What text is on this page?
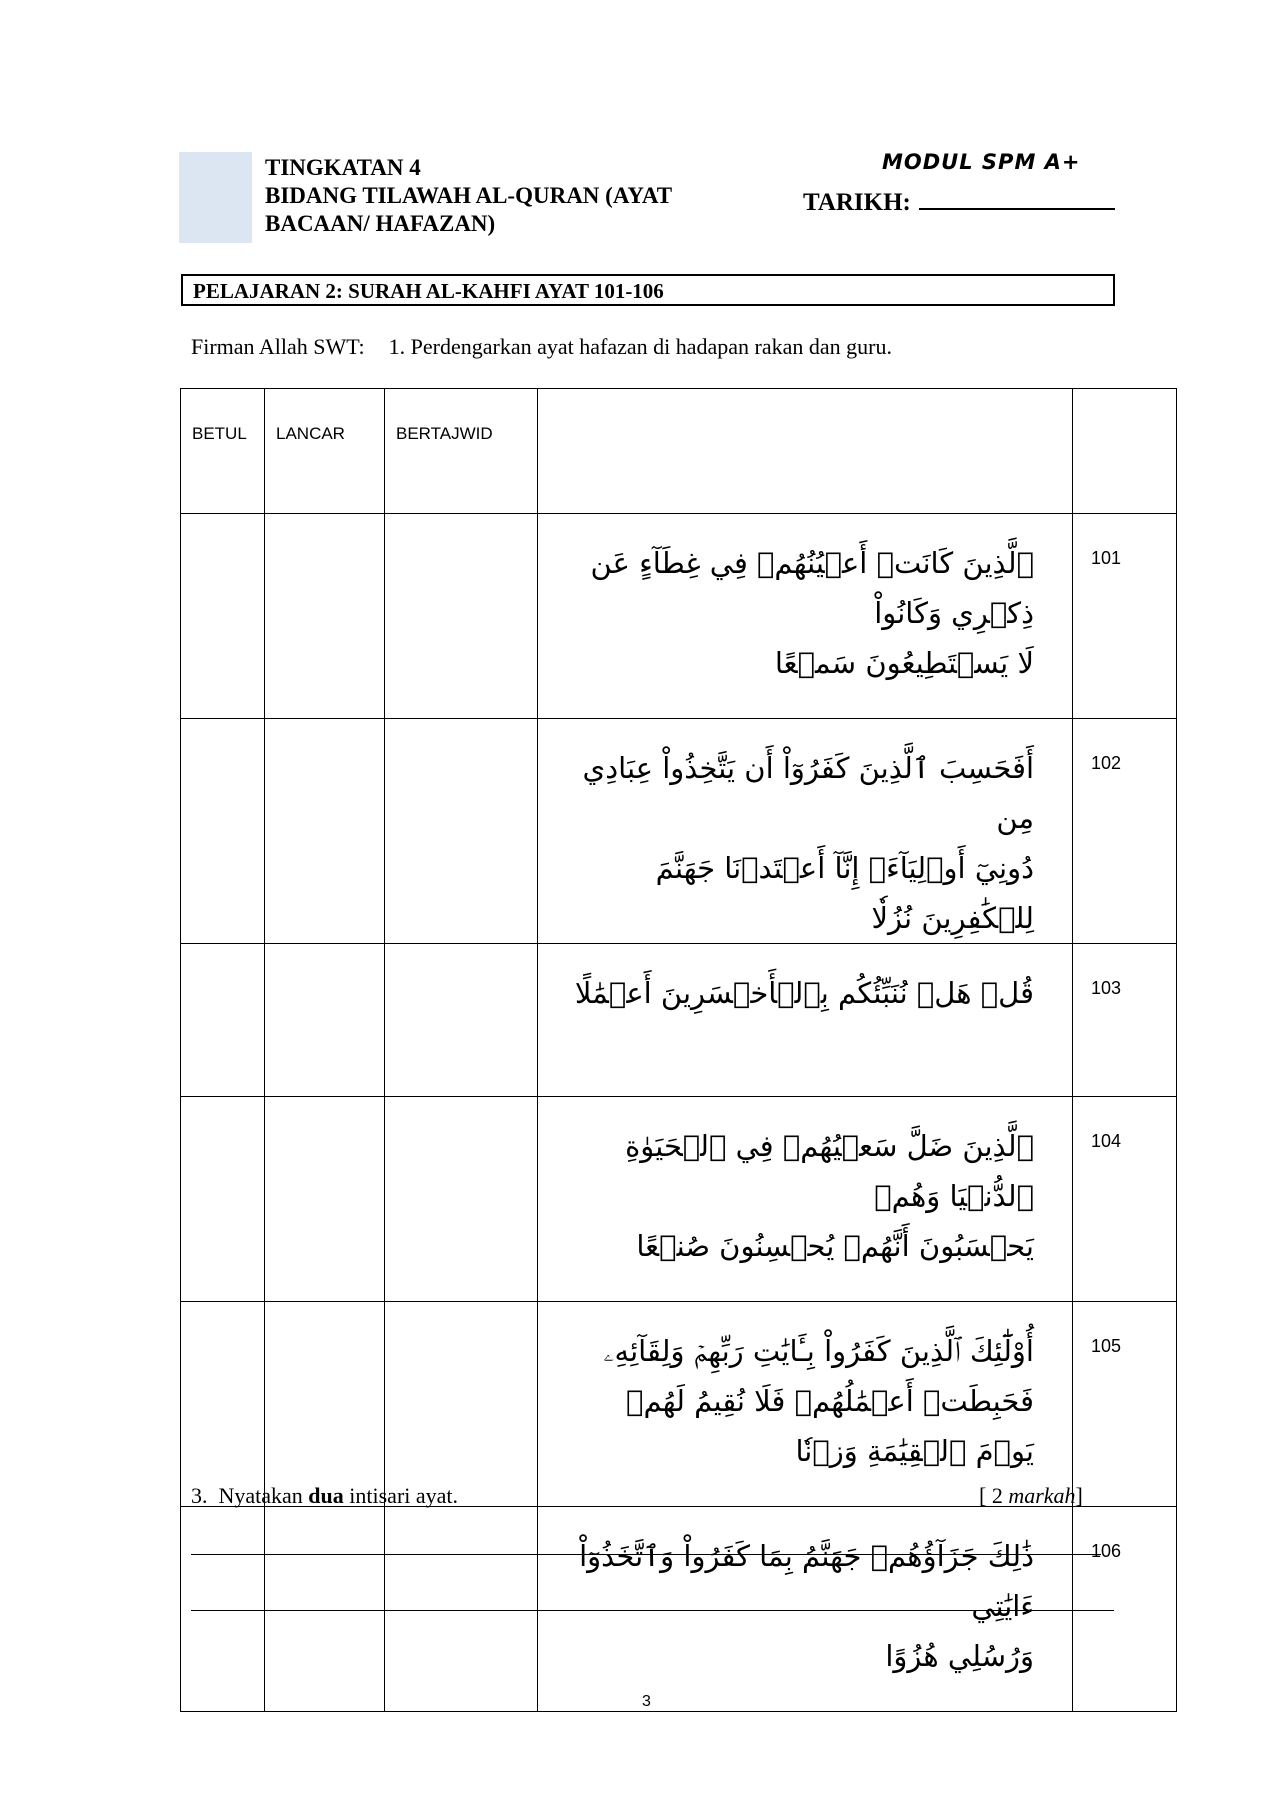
TINGKATAN 4
BIDANG TILAWAH AL-QURAN (AYAT
BACAAN/ HAFAZAN)
MODUL SPM A+
TARIKH:
PELAJARAN 2: SURAH AL-KAHFI AYAT 101-106
Firman Allah SWT: 1. Perdengarkan ayat hafazan di hadapan rakan dan guru.
BETUL	LANCAR	BERTAJWID		

			ٱلَّذِينَ كَانَتۡ أَعۡيُنُهُمۡ فِي غِطَآءٍ عَن ذِكۡرِي وَكَانُواْ
لَا يَسۡتَطِيعُونَ سَمۡعًا	101

			أَفَحَسِبَ ٱلَّذِينَ كَفَرُوٓاْ أَن يَتَّخِذُواْ عِبَادِي مِن
دُونِيٓ أَوۡلِيَآءَۚ إِنَّآ أَعۡتَدۡنَا جَهَنَّمَ لِلۡكَٰفِرِينَ نُزُلٗا	102

			قُلۡ هَلۡ نُنَبِّئُكُم بِٱلۡأَخۡسَرِينَ أَعۡمَٰلًا	103

			ٱلَّذِينَ ضَلَّ سَعۡيُهُمۡ فِي ٱلۡحَيَوٰةِ ٱلدُّنۡيَا وَهُمۡ
يَحۡسَبُونَ أَنَّهُمۡ يُحۡسِنُونَ صُنۡعًا	104

			أُوْلَٰٓئِكَ ٱلَّذِينَ كَفَرُواْ بِـَٔايَٰتِ رَبِّهِمۡ وَلِقَآئِهِۦ
فَحَبِطَتۡ أَعۡمَٰلُهُمۡ فَلَا نُقِيمُ لَهُمۡ يَوۡمَ ٱلۡقِيَٰمَةِ وَزۡنٗا	105

			ذَٰلِكَ جَزَآؤُهُمۡ جَهَنَّمُ بِمَا كَفَرُواْ وَٱتَّخَذُوٓاْ ءَايَٰتِي
وَرُسُلِي هُزُوًا	106
3.  Nyatakan dua intisari ayat.	[ 2 markah]
3
